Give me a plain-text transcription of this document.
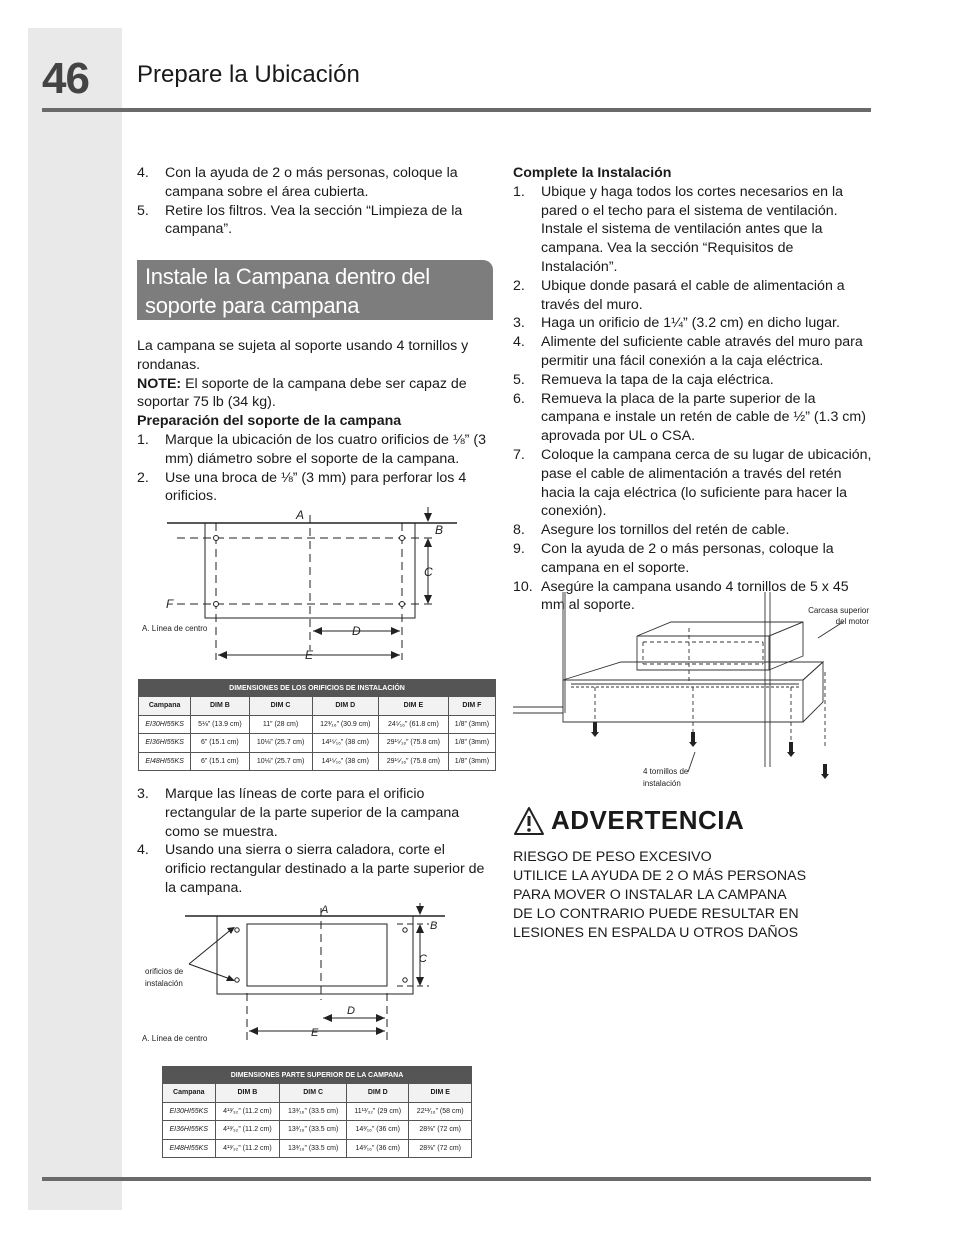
46 Prepare la Ubicación
4.	Con la ayuda de 2 o más personas, coloque la campana sobre el área cubierta.
5.	Retire los filtros. Vea la sección “Limpieza de la campana”.
Instale la Campana dentro del soporte para campana

La campana se sujeta al soporte usando 4 tornillos y rondanas.

NOTE: El soporte de la campana debe ser capaz de soportar 75 lb (34 kg).

Preparación del soporte de la campana

1.	Marque la ubicación de los cuatro orificios de ⅛” (3 mm) diámetro sobre el soporte de la campana.
2.	Use una broca de ⅛” (3 mm) para perforar los 4 orificios.
A
B
C
D
E
F
A. Línea de centro
DIMENSIONES DE LOS ORIFICIOS DE INSTALACIÓN					
Campana	DIM B	DIM C	DIM D	DIM E	DIM F
EI30HI55KS	5⅛” (13.9 cm)	11” (28 cm)	12³⁄₁₆” (30.9 cm)	24⁵⁄₁₆” (61.8 cm)	1/8” (3mm)
EI36HI55KS	6” (15.1 cm)	10⅛” (25.7 cm)	14¹⁵⁄₁₆” (38 cm)	29¹⁵⁄₁₆” (75.8 cm)	1/8” (3mm)
EI48HI55KS	6” (15.1 cm)	10⅛” (25.7 cm)	14¹⁵⁄₁₆” (38 cm)	29¹⁵⁄₁₆” (75.8 cm)	1/8” (3mm)
3.	Marque las líneas de corte para el orificio rectangular de la parte superior de la campana como se muestra.
4.	Usando una sierra o sierra caladora, corte el orificio rectangular destinado a la parte superior de la campana.
A
B
C
D
E
orificios de
instalación
A. Línea de centro
DIMENSIONES PARTE SUPERIOR DE LA CAMPANA				
Campana	DIM B	DIM C	DIM D	DIM E
EI30HI55KS	4¹³⁄₃₂” (11.2 cm)	13³⁄₁₆” (33.5 cm)	11¹³⁄₃₂” (29 cm)	22¹³⁄₁₆” (58 cm)
EI36HI55KS	4¹³⁄₃₂” (11.2 cm)	13³⁄₁₆” (33.5 cm)	14³⁄₁₆” (36 cm)	28⅜” (72 cm)
EI48HI55KS	4¹³⁄₃₂” (11.2 cm)	13³⁄₁₆” (33.5 cm)	14³⁄₁₆” (36 cm)	28⅜” (72 cm)

Complete la Instalación

1.	Ubique y haga todos los cortes necesarios en la pared o el techo para el sistema de ventilación. Instale el sistema de ventilación antes que la campana. Vea la sección “Requisitos de Instalación”.
2.	Ubique donde pasará el cable de alimentación a través del muro.
3.	Haga un orificio de 1¼” (3.2 cm) en dicho lugar.
4.	Alimente del suficiente cable através del muro para permitir una fácil conexión a la caja eléctrica.
5.	Remueva la tapa de la caja eléctrica.
6.	Remueva la placa de la parte superior de la campana e instale un retén de cable de ½” (1.3 cm) aprovada por UL o CSA.
7.	Coloque la campana cerca de su lugar de ubicación, pase el cable de alimentación a través del retén hacia la caja eléctrica (lo suficiente para hacer la conexión).
8.	Asegure los tornillos del retén de cable.
9.	Con la ayuda de 2 o más personas, coloque la campana en el soporte.
10. Asegúre la campana usando 4 tornillos de 5 x 45 mm al soporte.	Carcasa superior
del motor
4 tornillos de
instalación
ADVERTENCIA
RIESGO DE PESO EXCESIVO
UTILICE LA AYUDA DE 2 O MÁS PERSONAS
PARA MOVER O INSTALAR LA CAMPANA
DE LO CONTRARIO PUEDE RESULTAR EN
LESIONES EN ESPALDA U OTROS DAÑOS
